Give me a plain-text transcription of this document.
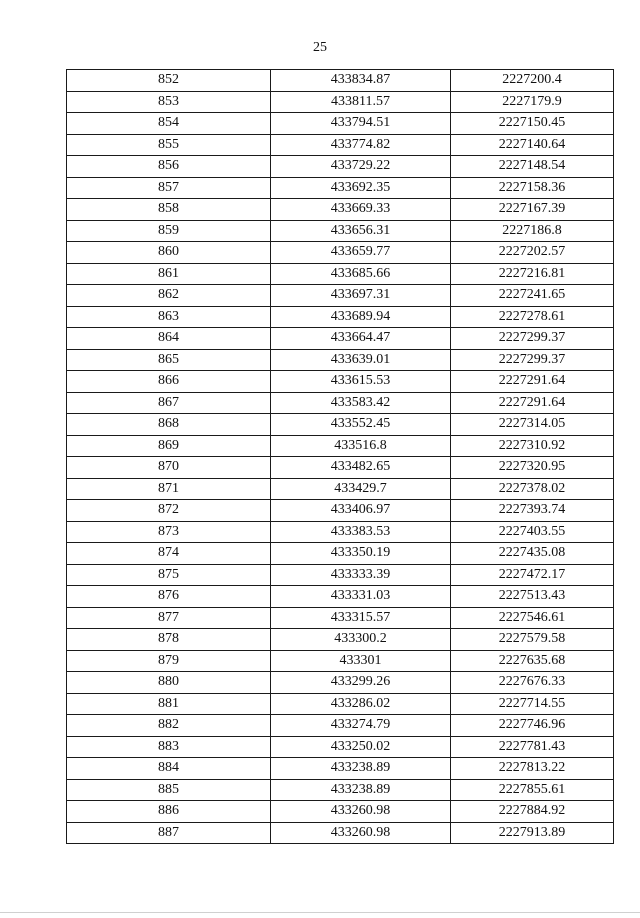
25
852	433834.87	2227200.4
853	433811.57	2227179.9
854	433794.51	2227150.45
855	433774.82	2227140.64
856	433729.22	2227148.54
857	433692.35	2227158.36
858	433669.33	2227167.39
859	433656.31	2227186.8
860	433659.77	2227202.57
861	433685.66	2227216.81
862	433697.31	2227241.65
863	433689.94	2227278.61
864	433664.47	2227299.37
865	433639.01	2227299.37
866	433615.53	2227291.64
867	433583.42	2227291.64
868	433552.45	2227314.05
869	433516.8	2227310.92
870	433482.65	2227320.95
871	433429.7	2227378.02
872	433406.97	2227393.74
873	433383.53	2227403.55
874	433350.19	2227435.08
875	433333.39	2227472.17
876	433331.03	2227513.43
877	433315.57	2227546.61
878	433300.2	2227579.58
879	433301	2227635.68
880	433299.26	2227676.33
881	433286.02	2227714.55
882	433274.79	2227746.96
883	433250.02	2227781.43
884	433238.89	2227813.22
885	433238.89	2227855.61
886	433260.98	2227884.92
887	433260.98	2227913.89
